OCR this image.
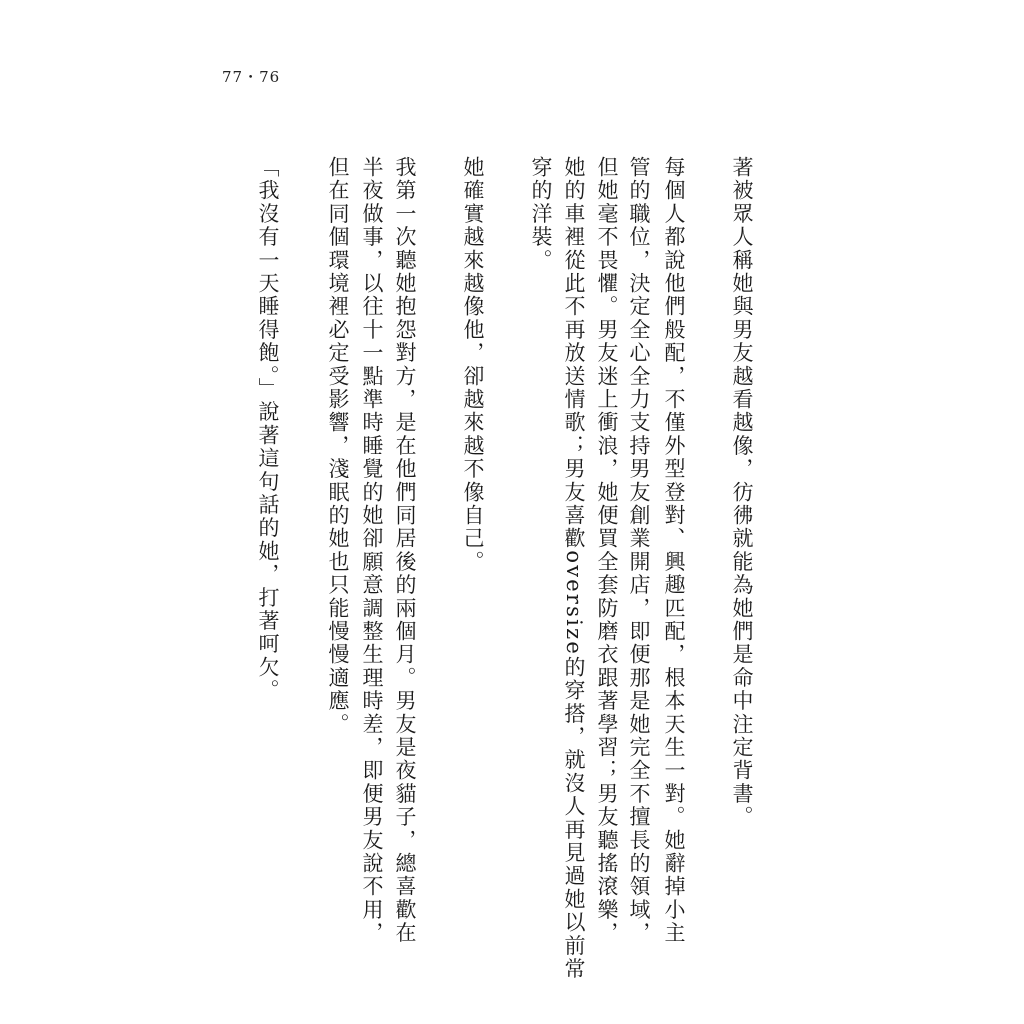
77・76
著被眾人稱她與男友越看越像，彷彿就能為她們是命中注定背書。
每個人都說他們般配，不僅外型登對、興趣匹配，根本天生一對。她辭掉小主
管的職位，決定全心全力支持男友創業開店，即便那是她完全不擅長的領域，
但她毫不畏懼。男友迷上衝浪，她便買全套防磨衣跟著學習；男友聽搖滾樂，
她的車裡從此不再放送情歌；男友喜歡oversize的穿搭，就沒人再見過她以前常
穿的洋裝。
她確實越來越像他，卻越來越不像自己。
我第一次聽她抱怨對方，是在他們同居後的兩個月。男友是夜貓子，總喜歡在
半夜做事，以往十一點準時睡覺的她卻願意調整生理時差，即便男友說不用，
但在同個環境裡必定受影響，淺眠的她也只能慢慢適應。
「我沒有一天睡得飽。」說著這句話的她，打著呵欠。
